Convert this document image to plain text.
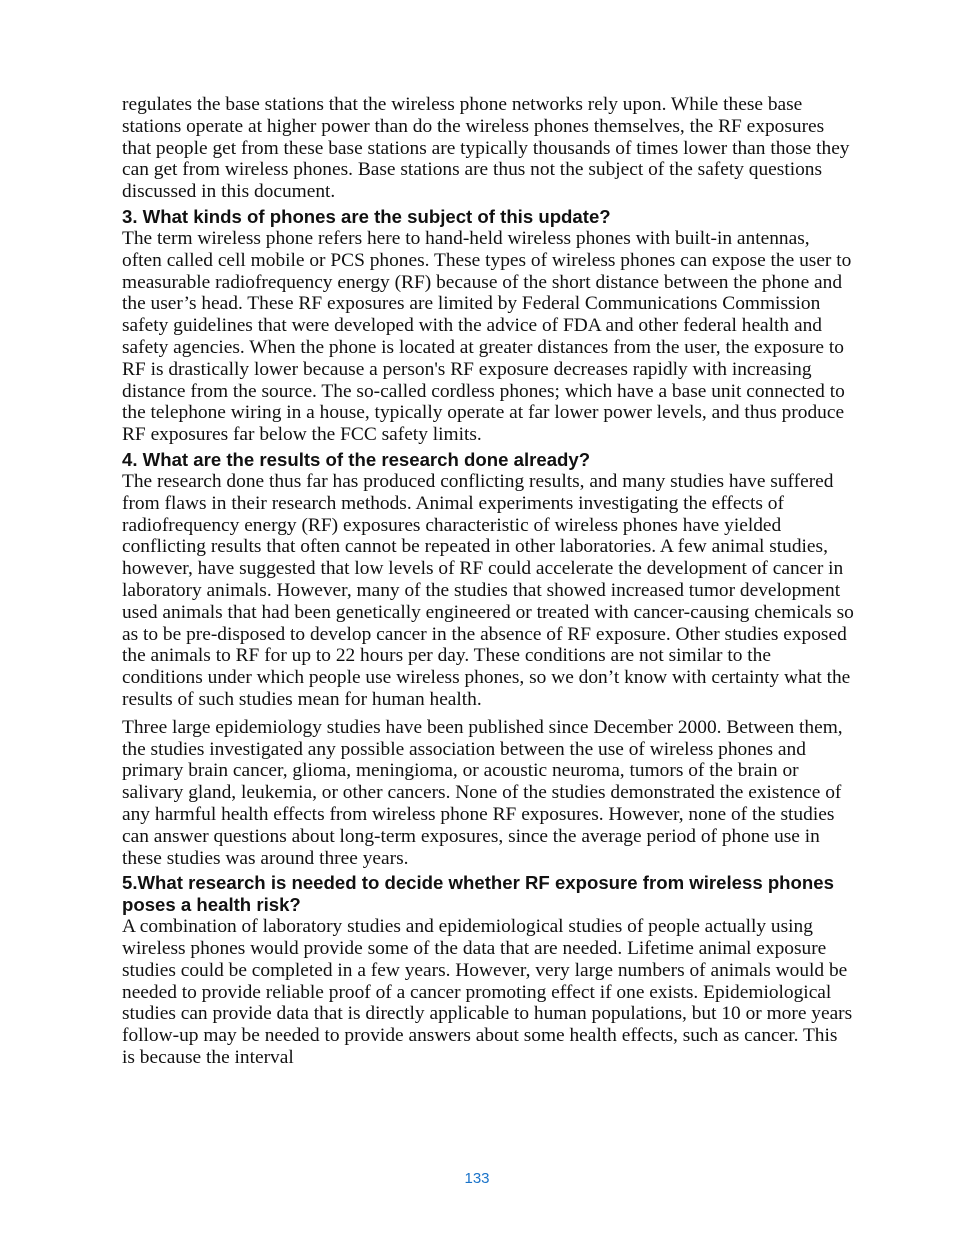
regulates the base stations that the wireless phone networks rely upon. While these base stations operate at higher power than do the wireless phones themselves, the RF exposures that people get from these base stations are typically thousands of times lower than those they can get from wireless phones. Base stations are thus not the subject of the safety questions discussed in this document.

3. What kinds of phones are the subject of this update?

The term wireless phone refers here to hand-held wireless phones with built-in antennas, often called cell mobile or PCS phones. These types of wireless phones can expose the user to measurable radiofrequency energy (RF) because of the short distance between the phone and the user’s head. These RF exposures are limited by Federal Communications Commission safety guidelines that were developed with the advice of FDA and other federal health and safety agencies. When the phone is located at greater distances from the user, the exposure to RF is drastically lower because a person's RF exposure decreases rapidly with increasing distance from the source. The so-called cordless phones; which have a base unit connected to the telephone wiring in a house, typically operate at far lower power levels, and thus produce RF exposures far below the FCC safety limits.

4. What are the results of the research done already?

The research done thus far has produced conflicting results, and many studies have suffered from flaws in their research methods. Animal experiments investigating the effects of radiofrequency energy (RF) exposures characteristic of wireless phones have yielded conflicting results that often cannot be repeated in other laboratories. A few animal studies, however, have suggested that low levels of RF could accelerate the development of cancer in laboratory animals. However, many of the studies that showed increased tumor development used animals that had been genetically engineered or treated with cancer-causing chemicals so as to be pre-disposed to develop cancer in the absence of RF exposure. Other studies exposed the animals to RF for up to 22 hours per day. These conditions are not similar to the conditions under which people use wireless phones, so we don’t know with certainty what the results of such studies mean for human health.

Three large epidemiology studies have been published since December 2000. Between them, the studies investigated any possible association between the use of wireless phones and primary brain cancer, glioma, meningioma, or acoustic neuroma, tumors of the brain or salivary gland, leukemia, or other cancers. None of the studies demonstrated the existence of any harmful health effects from wireless phone RF exposures. However, none of the studies can answer questions about long-term exposures, since the average period of phone use in these studies was around three years.

5.What research is needed to decide whether RF exposure from wireless phones poses a health risk?

A combination of laboratory studies and epidemiological studies of people actually using wireless phones would provide some of the data that are needed. Lifetime animal exposure studies could be completed in a few years. However, very large numbers of animals would be needed to provide reliable proof of a cancer promoting effect if one exists. Epidemiological studies can provide data that is directly applicable to human populations, but 10 or more years follow-up may be needed to provide answers about some health effects, such as cancer. This is because the interval

133
